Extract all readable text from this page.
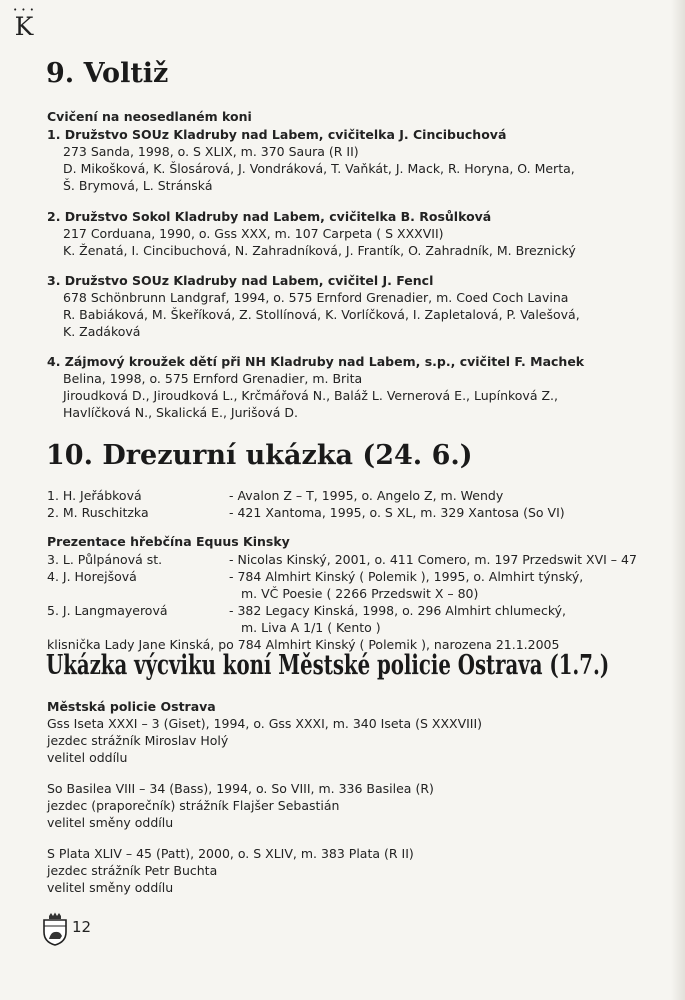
• • •
K
9. Voltiž
Cvičení na neosedlaném koni
1. Družstvo SOUz Kladruby nad Labem, cvičitelka J. Cincibuchová
273 Sanda, 1998, o. S XLIX, m. 370 Saura (R II)
D. Mikošková, K. Šlosárová, J. Vondráková, T. Vaňkát, J. Mack, R. Horyna, O. Merta,
Š. Brymová, L. Stránská
2. Družstvo Sokol Kladruby nad Labem, cvičitelka B. Rosůlková
217 Corduana, 1990, o. Gss XXX, m. 107 Carpeta ( S XXXVII)
K. Ženatá, I. Cincibuchová, N. Zahradníková, J. Frantík, O. Zahradník, M. Breznický
3. Družstvo SOUz Kladruby nad Labem, cvičitel J. Fencl
678 Schönbrunn Landgraf, 1994, o. 575 Ernford Grenadier, m. Coed Coch Lavina
R. Babiáková, M. Škeříková, Z. Stollínová, K. Vorlíčková, I. Zapletalová, P. Valešová,
K. Zadáková
4. Zájmový kroužek dětí při NH Kladruby nad Labem, s.p., cvičitel F. Machek
Belina, 1998, o. 575 Ernford Grenadier, m. Brita
Jiroudková D., Jiroudková L., Krčmářová N., Baláž L. Vernerová E., Lupínková Z.,
Havlíčková N., Skalická E., Jurišová D.
10. Drezurní ukázka (24. 6.)
1. H. Jeřábková	- Avalon Z – T, 1995, o. Angelo Z, m. Wendy
2. M. Ruschitzka	- 421 Xantoma, 1995, o. S XL, m. 329 Xantosa (So VI)
Prezentace hřebčína Equus Kinsky
3. L. Půlpánová st.	- Nicolas Kinský, 2001, o. 411 Comero, m. 197 Przedswit XVI – 47
4. J. Horejšová	- 784 Almhirt Kinský ( Polemik ), 1995, o. Almhirt týnský,
m. VČ Poesie ( 2266 Przedswit X – 80)
5. J. Langmayerová	- 382 Legacy Kinská, 1998, o. 296 Almhirt chlumecký,
m. Liva A 1/1 ( Kento )
klisnička Lady Jane Kinská, po 784 Almhirt Kinský ( Polemik ), narozena 21.1.2005
Ukázka výcviku koní Městské policie Ostrava (1.7.)
Městská policie Ostrava
Gss Iseta XXXI – 3 (Giset), 1994, o. Gss XXXI, m. 340 Iseta (S XXXVIII)
jezdec strážník Miroslav Holý
velitel oddílu
So Basilea VIII – 34 (Bass), 1994, o. So VIII, m. 336 Basilea (R)
jezdec (praporečník) strážník Flajšer Sebastián
velitel směny oddílu
S Plata XLIV – 45 (Patt), 2000, o. S XLIV, m. 383 Plata (R II)
jezdec strážník Petr Buchta
velitel směny oddílu
12
